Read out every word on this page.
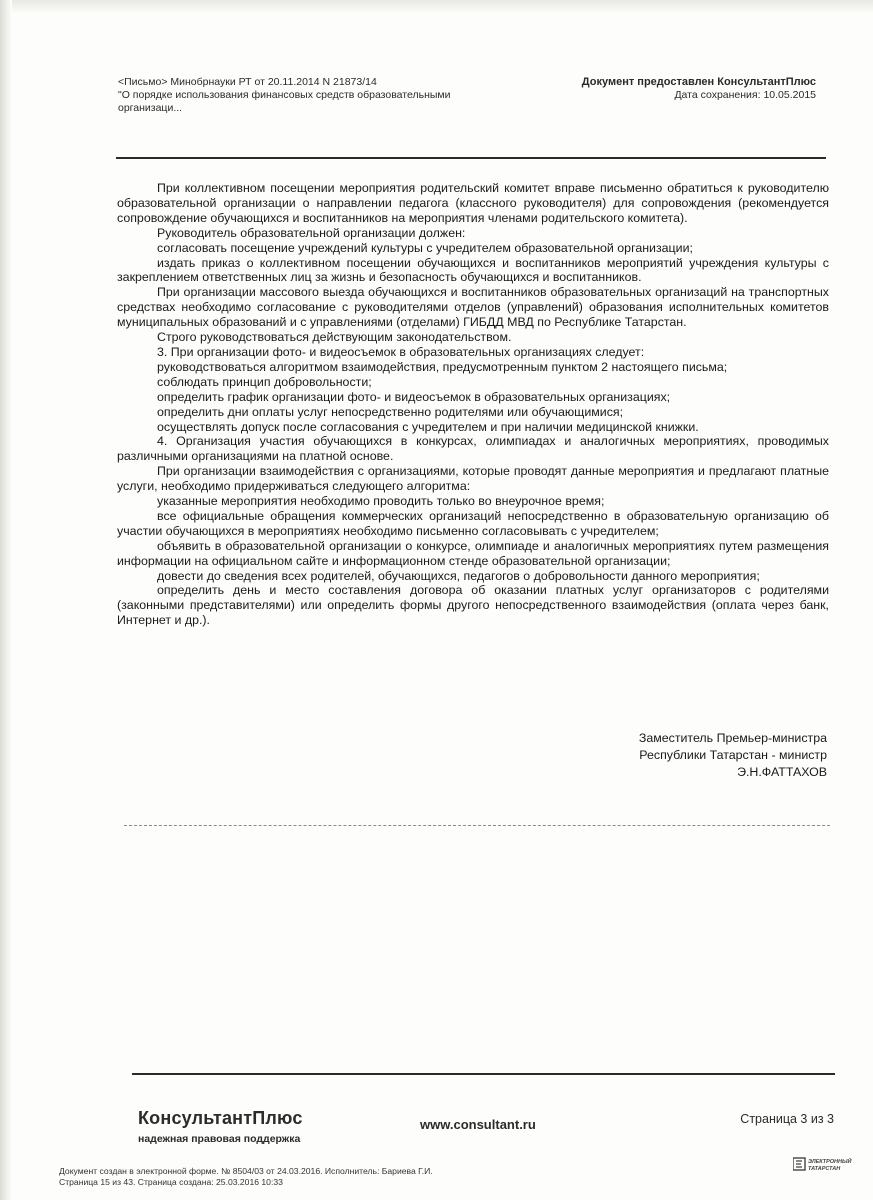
<Письмо> Минобрнауки РТ от 20.11.2014 N 21873/14
"О порядке использования финансовых средств образовательными
организаци...
Документ предоставлен КонсультантПлюс
Дата сохранения: 10.05.2015

При коллективном посещении мероприятия родительский комитет вправе письменно обратиться к руководителю образовательной организации о направлении педагога (классного руководителя) для сопровождения (рекомендуется сопровождение обучающихся и воспитанников на мероприятия членами родительского комитета).

Руководитель образовательной организации должен:

согласовать посещение учреждений культуры с учредителем образовательной организации;

издать приказ о коллективном посещении обучающихся и воспитанников мероприятий учреждения культуры с закреплением ответственных лиц за жизнь и безопасность обучающихся и воспитанников.

При организации массового выезда обучающихся и воспитанников образовательных организаций на транспортных средствах необходимо согласование с руководителями отделов (управлений) образования исполнительных комитетов муниципальных образований и с управлениями (отделами) ГИБДД МВД по Республике Татарстан.

Строго руководствоваться действующим законодательством.

3. При организации фото- и видеосъемок в образовательных организациях следует:

руководствоваться алгоритмом взаимодействия, предусмотренным пунктом 2 настоящего письма;

соблюдать принцип добровольности;

определить график организации фото- и видеосъемок в образовательных организациях;

определить дни оплаты услуг непосредственно родителями или обучающимися;

осуществлять допуск после согласования с учредителем и при наличии медицинской книжки.

4. Организация участия обучающихся в конкурсах, олимпиадах и аналогичных мероприятиях, проводимых различными организациями на платной основе.

При организации взаимодействия с организациями, которые проводят данные мероприятия и предлагают платные услуги, необходимо придерживаться следующего алгоритма:

указанные мероприятия необходимо проводить только во внеурочное время;

все официальные обращения коммерческих организаций непосредственно в образовательную организацию об участии обучающихся в мероприятиях необходимо письменно согласовывать с учредителем;

объявить в образовательной организации о конкурсе, олимпиаде и аналогичных мероприятиях путем размещения информации на официальном сайте и информационном стенде образовательной организации;

довести до сведения всех родителей, обучающихся, педагогов о добровольности данного мероприятия;

определить день и место составления договора об оказании платных услуг организаторов с родителями (законными представителями) или определить формы другого непосредственного взаимодействия (оплата через банк, Интернет и др.).

Заместитель Премьер-министра
Республики Татарстан - министр
Э.Н.ФАТТАХОВ
КонсультантПлюс
надежная правовая поддержка
www.consultant.ru	Страница 3 из 3
Документ создан в электронной форме. № 8504/03 от 24.03.2016. Исполнитель: Бариева Г.И.
Страница 15 из 43. Страница создана: 25.03.2016 10:33
ЭЛЕКТРОННЫЙ
ТАТАРСТАН
